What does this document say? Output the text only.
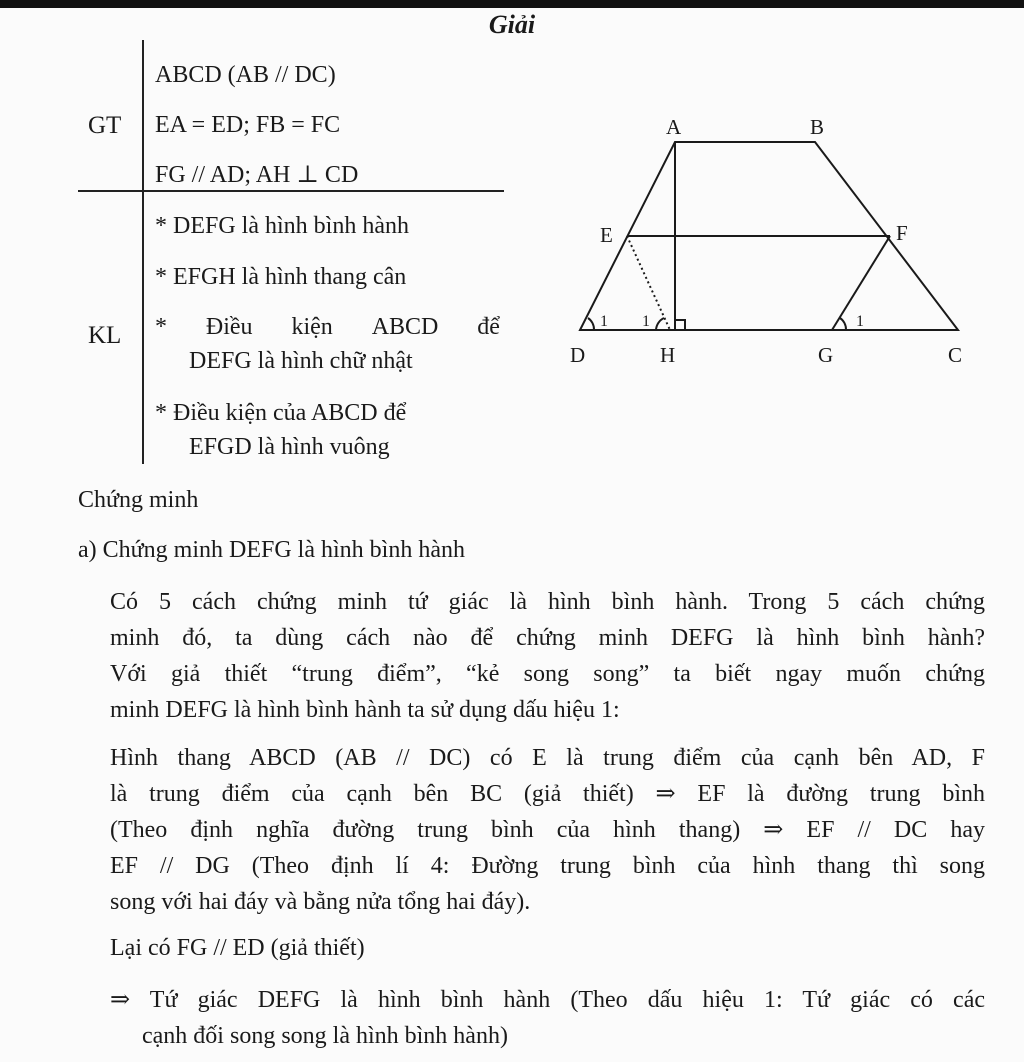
Giải
GT
ABCD (AB // DC)
EA = ED; FB = FC
FG // AD; AH ⊥ CD
KL
* DEFG là hình bình hành
* EFGH là hình thang cân
* Điều kiện ABCD để
DEFG là hình chữ nhật
* Điều kiện của ABCD để
EFGD là hình vuông
A	B
C
D
E	F
G
H
1 1	1
Chứng minh
a) Chứng minh DEFG là hình bình hành
Có 5 cách chứng minh tứ giác là hình bình hành. Trong 5 cách chứng
minh đó, ta dùng cách nào để chứng minh DEFG là hình bình hành?
Với giả thiết “trung điểm”, “kẻ song song” ta biết ngay muốn chứng
minh DEFG là hình bình hành ta sử dụng dấu hiệu 1:
Hình thang ABCD (AB // DC) có E là trung điểm của cạnh bên AD, F
là trung điểm của cạnh bên BC (giả thiết) ⇒ EF là đường trung bình
(Theo định nghĩa đường trung bình của hình thang) ⇒ EF // DC hay
EF // DG (Theo định lí 4: Đường trung bình của hình thang thì song
song với hai đáy và bằng nửa tổng hai đáy).
Lại có FG // ED (giả thiết)
⇒ Tứ giác DEFG là hình bình hành (Theo dấu hiệu 1: Tứ giác có các
cạnh đối song song là hình bình hành)
